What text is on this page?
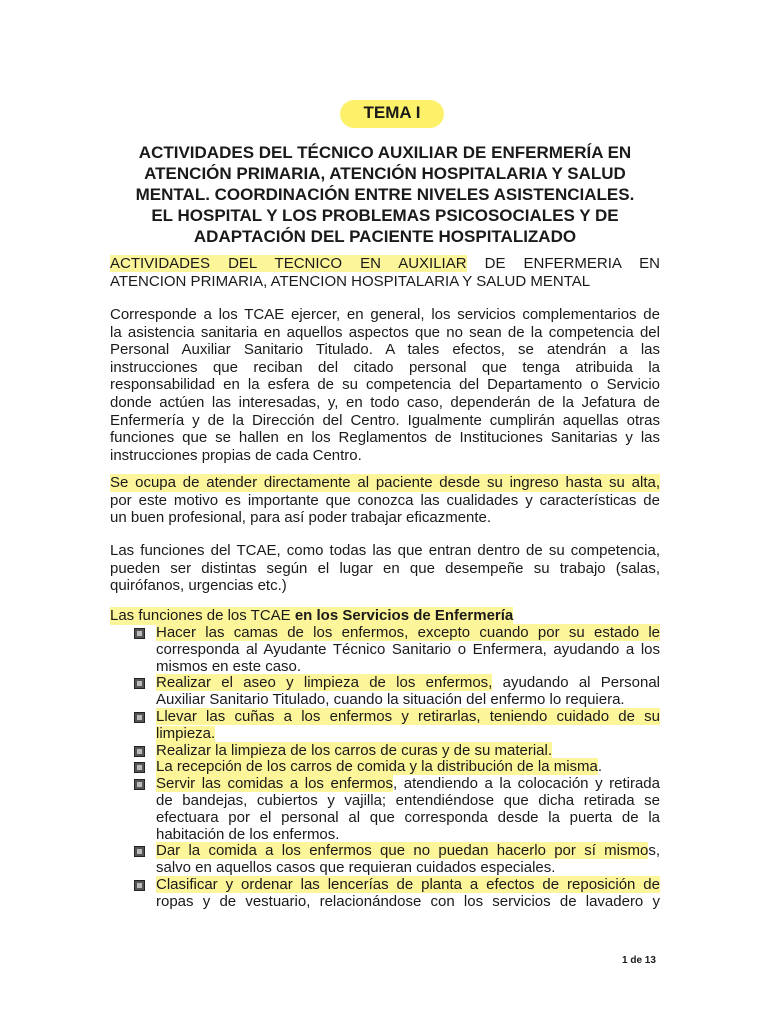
TEMA I
ACTIVIDADES DEL TÉCNICO AUXILIAR DE ENFERMERÍA EN
ATENCIÓN PRIMARIA, ATENCIÓN HOSPITALARIA Y SALUD
MENTAL. COORDINACIÓN ENTRE NIVELES ASISTENCIALES.
EL HOSPITAL Y LOS PROBLEMAS PSICOSOCIALES Y DE
ADAPTACIÓN DEL PACIENTE HOSPITALIZADO
ACTIVIDADES DEL TECNICO EN AUXILIAR DE ENFERMERIA EN
ATENCION PRIMARIA, ATENCION HOSPITALARIA Y SALUD MENTAL
Corresponde a los TCAE ejercer, en general, los servicios complementarios de
la asistencia sanitaria en aquellos aspectos que no sean de la competencia del
Personal Auxiliar Sanitario Titulado. A tales efectos, se atendrán a las
instrucciones que reciban del citado personal que tenga atribuida la
responsabilidad en la esfera de su competencia del Departamento o Servicio
donde actúen las interesadas, y, en todo caso, dependerán de la Jefatura de
Enfermería y de la Dirección del Centro. Igualmente cumplirán aquellas otras
funciones que se hallen en los Reglamentos de Instituciones Sanitarias y las
instrucciones propias de cada Centro.
Se ocupa de atender directamente al paciente desde su ingreso hasta su alta,
por este motivo es importante que conozca las cualidades y características de
un buen profesional, para así poder trabajar eficazmente.
Las funciones del TCAE, como todas las que entran dentro de su competencia,
pueden ser distintas según el lugar en que desempeñe su trabajo (salas,
quirófanos, urgencias etc.)
Las funciones de los TCAE en los Servicios de Enfermería
Hacer las camas de los enfermos, excepto cuando por su estado le
corresponda al Ayudante Técnico Sanitario o Enfermera, ayudando a los
mismos en este caso.
Realizar el aseo y limpieza de los enfermos, ayudando al Personal
Auxiliar Sanitario Titulado, cuando la situación del enfermo lo requiera.
Llevar las cuñas a los enfermos y retirarlas, teniendo cuidado de su
limpieza.
Realizar la limpieza de los carros de curas y de su material.
La recepción de los carros de comida y la distribución de la misma.
Servir las comidas a los enfermos, atendiendo a la colocación y retirada
de bandejas, cubiertos y vajilla; entendiéndose que dicha retirada se
efectuara por el personal al que corresponda desde la puerta de la
habitación de los enfermos.
Dar la comida a los enfermos que no puedan hacerlo por sí mismos,
salvo en aquellos casos que requieran cuidados especiales.
Clasificar y ordenar las lencerías de planta a efectos de reposición de
ropas y de vestuario, relacionándose con los servicios de lavadero y
1 de 13
